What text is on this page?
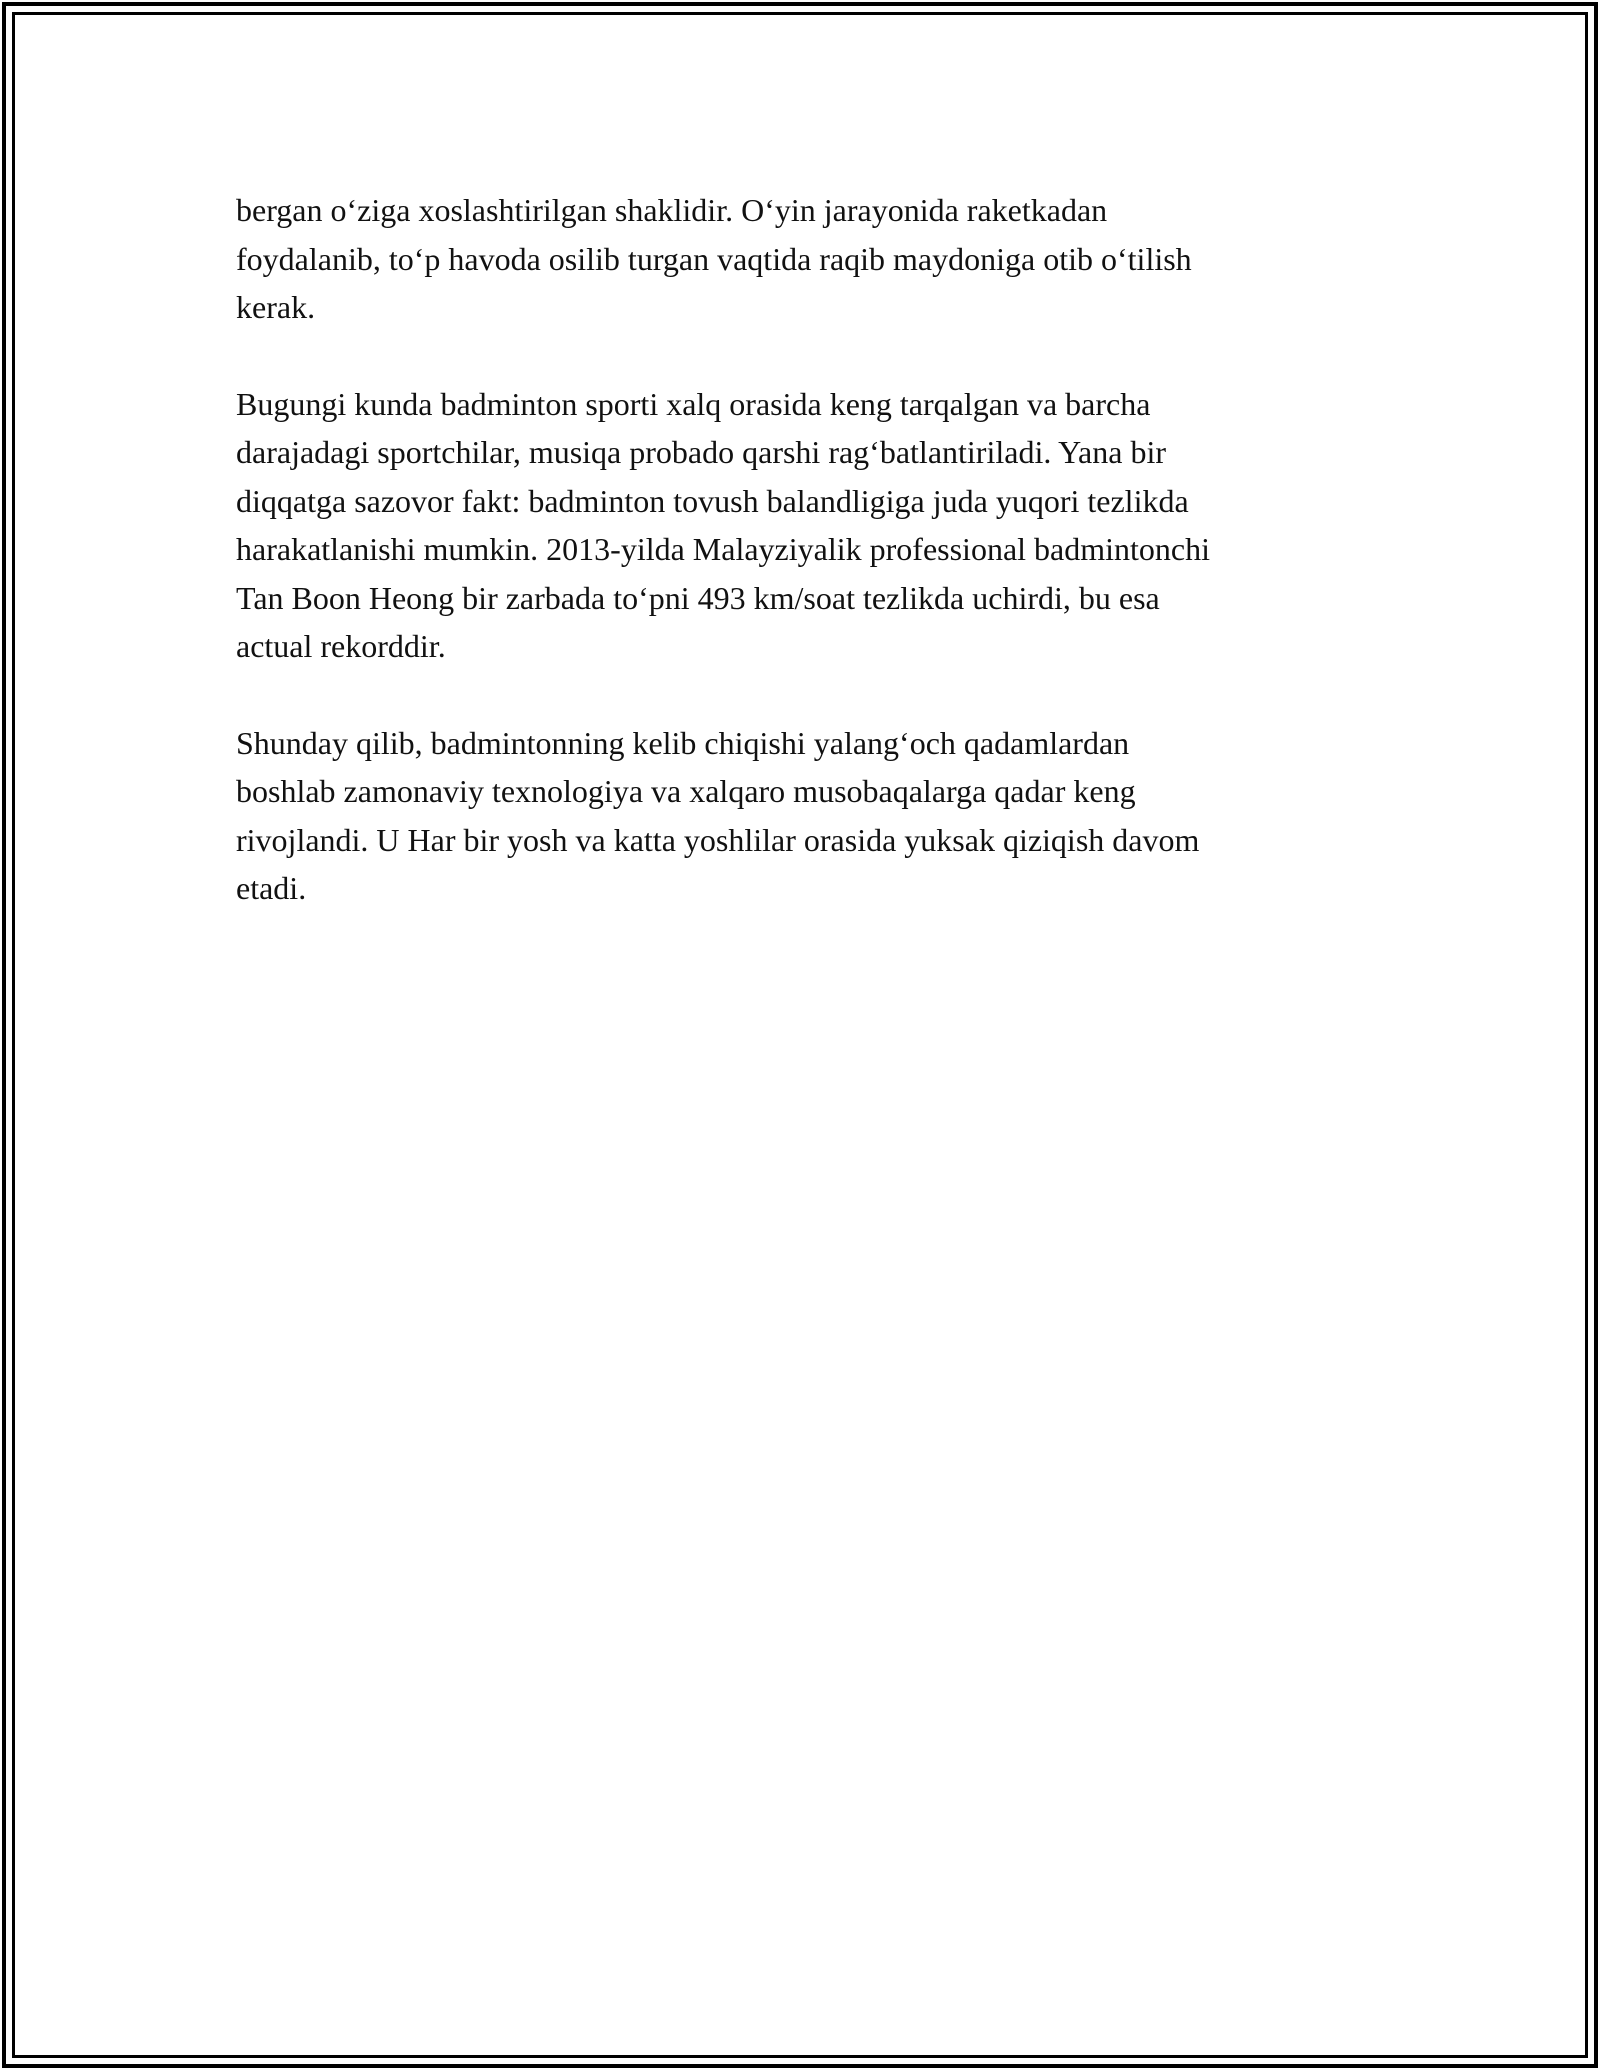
bergan o‘ziga xoslashtirilgan shaklidir. O‘yin jarayonida raketkadan
foydalanib, to‘p havoda osilib turgan vaqtida raqib maydoniga otib o‘tilish
kerak.

Bugungi kunda badminton sporti xalq orasida keng tarqalgan va barcha
darajadagi sportchilar, musiqa probado qarshi rag‘batlantiriladi. Yana bir
diqqatga sazovor fakt: badminton tovush balandligiga juda yuqori tezlikda
harakatlanishi mumkin. 2013-yilda Malayziyalik professional badmintonchi
Tan Boon Heong bir zarbada to‘pni 493 km/soat tezlikda uchirdi, bu esa
actual rekorddir.

Shunday qilib, badmintonning kelib chiqishi yalang‘och qadamlardan
boshlab zamonaviy texnologiya va xalqaro musobaqalarga qadar keng
rivojlandi. U Har bir yosh va katta yoshlilar orasida yuksak qiziqish davom
etadi.
